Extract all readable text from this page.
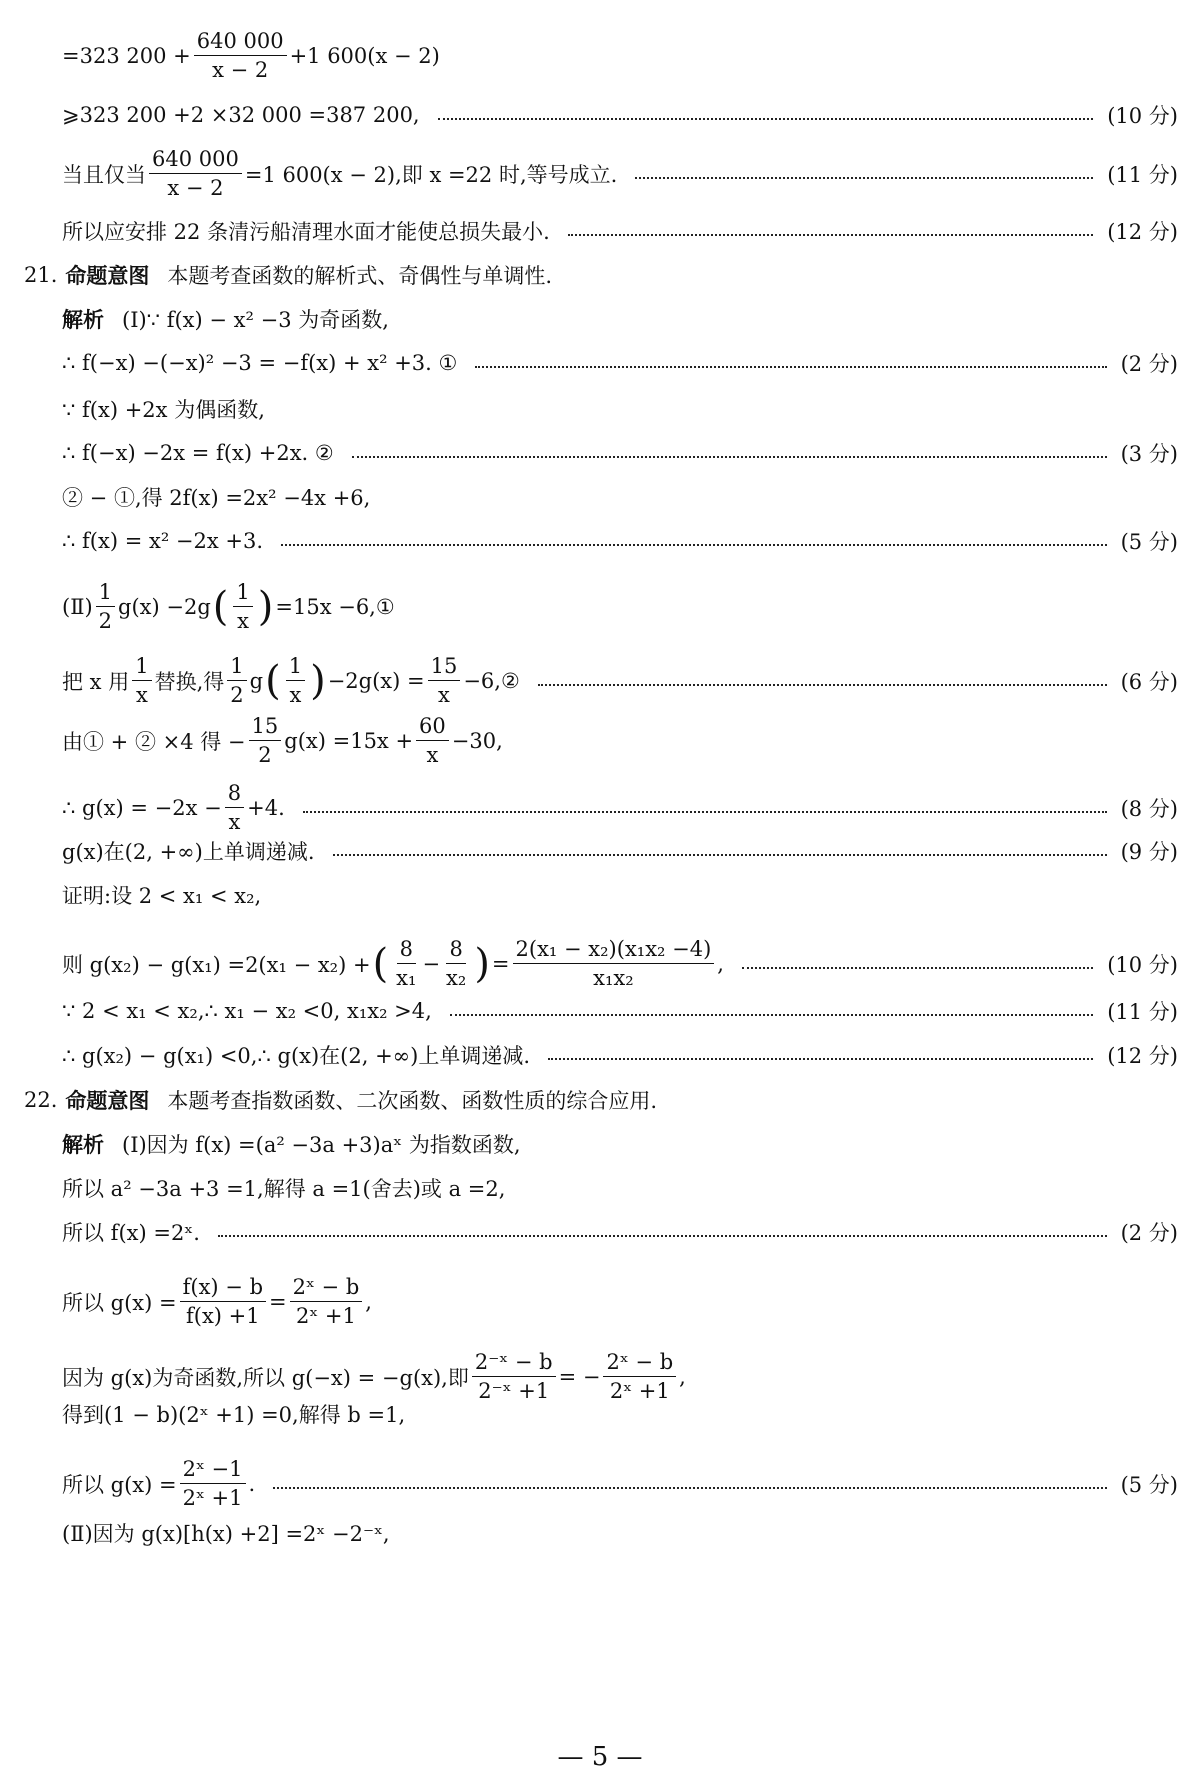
=323 $200 + \frac{640 000}{x - 2} +1$ 600(x − 2)
⩾323 200 +2 ×32 000 =387 200,	(10 分)
当且仅当 $\frac{640 000}{x - 2} =1$ 600(x − 2),即 x =22 时,等号成立.	(11 分)
所以应安排 22 条清污船清理水面才能使总损失最小.	(12 分)
21. 命题意图 本题考查函数的解析式、奇偶性与单调性.
解析 (Ⅰ)∵ f(x) − x² −3 为奇函数,
∴ f(−x) −(−x)² −3 = −f(x) + x² +3. ①	(2 分)
∵ f(x) +2x 为偶函数,
∴ f(−x) −2x = f(x) +2x. ②	(3 分)
② − ①,得 2f(x) =2x² −4x +6,
∴ f(x) = x² −2x +3.	(5 分)
(Ⅱ) $\frac{1}{2} g(x) -2g$ ( $\frac{1}{x}$ ) =15x −6,①
把 x 用 $\frac{1}{x}$ 替换,得 $\frac{1}{2}$ g ( $\frac{1}{x}$ ) $-2g(x) = \frac{15}{x}$ −6,②	(6 分)
由① + ② ×4 得 − $\frac{15}{2} g(x) =15x + \frac{60}{x} -30$,
∴ $g(x) = -2x - \frac{8}{x} +4$.	(8 分)
g(x)在(2, +∞)上单调递减.	(9 分)
证明:设 2 < x₁ < x₂,
则 g(x₂) − g(x₁) =2(x₁ − x₂) + ( $\frac{8}{\text{x₁}} - \frac{8}{\text{x₂}}$ ) = $\frac{\text{2(x₁ − x₂)(x₁x₂ −4)}}{\text{x₁x₂}}$ ,	(10 分)
∵ 2 < x₁ < x₂,∴ x₁ − x₂ <0, x₁x₂ >4,	(11 分)
∴ g(x₂) − g(x₁) <0,∴ g(x)在(2, +∞)上单调递减.	(12 分)
22. 命题意图 本题考查指数函数、二次函数、函数性质的综合应用.
解析 (Ⅰ)因为 f(x) =(a² −3a +3)aˣ 为指数函数,
所以 a² −3a +3 =1,解得 a =1(舍去)或 a =2,
所以 f(x) =2ˣ.	(2 分)
所以 $g(x) = \frac{f(x) - b}{f(x) +1} = \frac{\text{2ˣ − b}}{\text{2ˣ +1}}$ ,
因为 g(x)为奇函数,所以 g(−x) = −g(x),即 $\frac{\text{2⁻ˣ − b}}{\text{2⁻ˣ +1}}$ = − $\frac{\text{2ˣ − b}}{\text{2ˣ +1}}$ ,
得到(1 − b)(2ˣ +1) =0,解得 b =1,
所以 $g(x) = \frac{\text{2ˣ −1}}{\text{2ˣ +1}}$ .	(5 分)
(Ⅱ)因为 g(x)[h(x) +2] =2ˣ −2⁻ˣ,
— 5 —
